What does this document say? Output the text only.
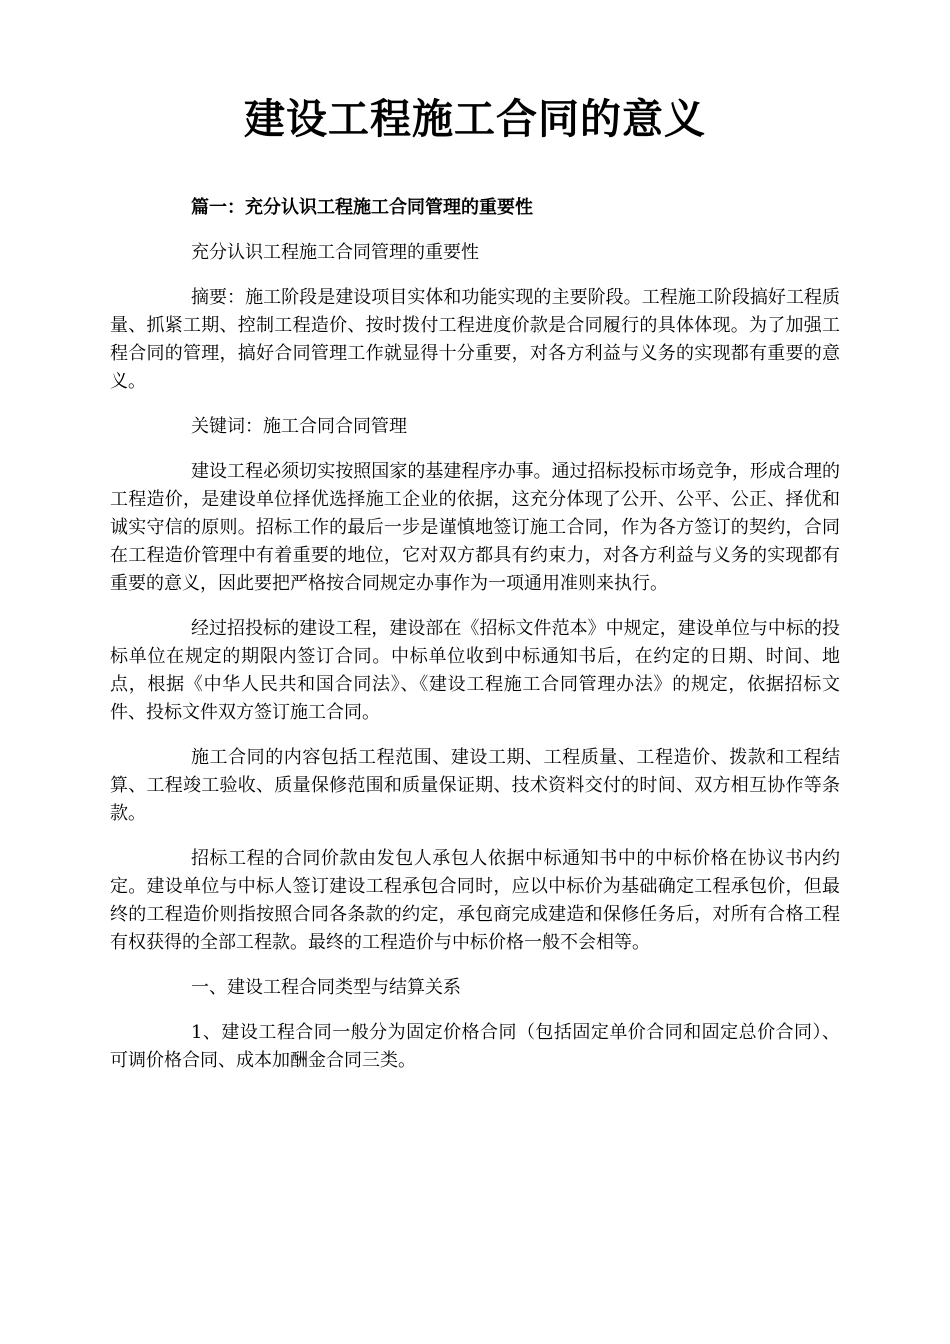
建设工程施工合同的意义
篇一：充分认识工程施工合同管理的重要性

充分认识工程施工合同管理的重要性

摘要：施工阶段是建设项目实体和功能实现的主要阶段。工程施工阶段搞好工程质量、抓紧工期、控制工程造价、按时拨付工程进度价款是合同履行的具体体现。为了加强工程合同的管理，搞好合同管理工作就显得十分重要，对各方利益与义务的实现都有重要的意义。

关键词：施工合同合同管理

建设工程必须切实按照国家的基建程序办事。通过招标投标市场竞争，形成合理的工程造价，是建设单位择优选择施工企业的依据，这充分体现了公开、公平、公正、择优和诚实守信的原则。招标工作的最后一步是谨慎地签订施工合同，作为各方签订的契约，合同在工程造价管理中有着重要的地位，它对双方都具有约束力，对各方利益与义务的实现都有重要的意义，因此要把严格按合同规定办事作为一项通用准则来执行。

经过招投标的建设工程，建设部在《招标文件范本》中规定，建设单位与中标的投标单位在规定的期限内签订合同。中标单位收到中标通知书后，在约定的日期、时间、地点，根据《中华人民共和国合同法》、《建设工程施工合同管理办法》的规定，依据招标文件、投标文件双方签订施工合同。

施工合同的内容包括工程范围、建设工期、工程质量、工程造价、拨款和工程结算、工程竣工验收、质量保修范围和质量保证期、技术资料交付的时间、双方相互协作等条款。

招标工程的合同价款由发包人承包人依据中标通知书中的中标价格在协议书内约定。建设单位与中标人签订建设工程承包合同时，应以中标价为基础确定工程承包价，但最终的工程造价则指按照合同各条款的约定，承包商完成建造和保修任务后，对所有合格工程有权获得的全部工程款。最终的工程造价与中标价格一般不会相等。

一、建设工程合同类型与结算关系

1、建设工程合同一般分为固定价格合同（包括固定单价合同和固定总价合同）、可调价格合同、成本加酬金合同三类。
